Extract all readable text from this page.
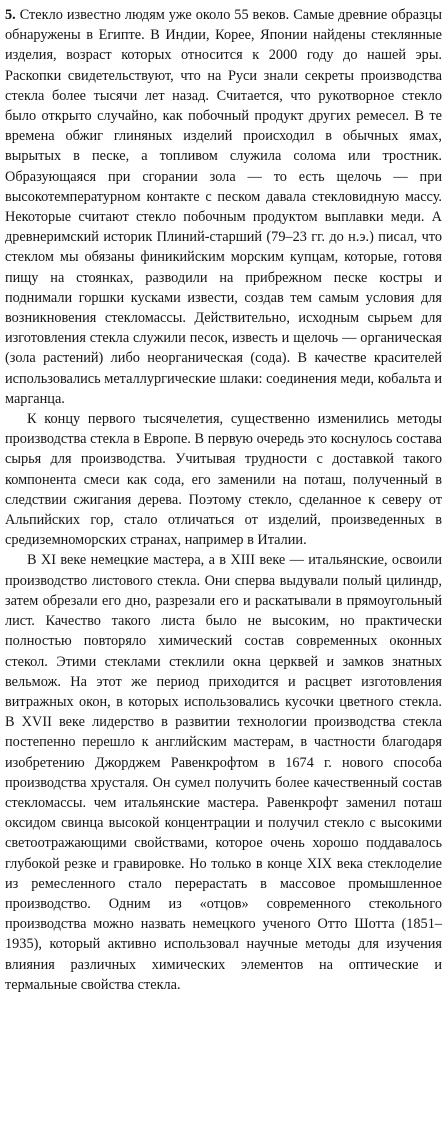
5. Стекло известно людям уже около 55 веков. Самые древние образцы обнаружены в Египте. В Индии, Корее, Японии найдены стеклянные изделия, возраст которых относится к 2000 году до нашей эры. Раскопки свидетельствуют, что на Руси знали секреты производства стекла более тысячи лет назад. Считается, что рукотворное стекло было открыто случайно, как побочный продукт других ремесел. В те времена обжиг глиняных изделий происходил в обычных ямах, вырытых в песке, а топливом служила солома или тростник. Образующаяся при сгорании зола — то есть щелочь — при высокотемпературном контакте с песком давала стекловидную массу. Некоторые считают стекло побочным продуктом выплавки меди. А древнеримский историк Плиний-старший (79–23 гг. до н.э.) писал, что стеклом мы обязаны финикийским морским купцам, которые, готовя пищу на стоянках, разводили на прибрежном песке костры и поднимали горшки кусками извести, создав тем самым условия для возникновения стекломассы. Действительно, исходным сырьем для изготовления стекла служили песок, известь и щелочь — органическая (зола растений) либо неорганическая (сода). В качестве красителей использовались металлургические шлаки: соединения меди, кобальта и марганца.

К концу первого тысячелетия, существенно изменились методы производства стекла в Европе. В первую очередь это коснулось состава сырья для производства. Учитывая трудности с доставкой такого компонента смеси как сода, его заменили на поташ, полученный в следствии сжигания дерева. Поэтому стекло, сделанное к северу от Альпийских гор, стало отличаться от изделий, произведенных в средиземноморских странах, например в Италии.

В XI веке немецкие мастера, а в XIII веке — итальянские, освоили производство листового стекла. Они сперва выдували полый цилиндр, затем обрезали его дно, разрезали его и раскатывали в прямоугольный лист. Качество такого листа было не высоким, но практически полностью повторяло химический состав современных оконных стекол. Этими стеклами стеклили окна церквей и замков знатных вельмож. На этот же период приходится и расцвет изготовления витражных окон, в которых использовались кусочки цветного стекла. В XVII веке лидерство в развитии технологии производства стекла постепенно перешло к английским мастерам, в частности благодаря изобретению Джорджем Равенкрофтом в 1674 г. нового способа производства хрусталя. Он сумел получить более качественный состав стекломассы. чем итальянские мастера. Равенкрофт заменил поташ оксидом свинца высокой концентрации и получил стекло с высокими светоотражающими свойствами, которое очень хорошо поддавалось глубокой резке и гравировке. Но только в конце XIX века стеклоделие из ремесленного стало перерастать в массовое промышленное производство. Одним из «отцов» современного стекольного производства можно назвать немецкого ученого Отто Шотта (1851–1935), который активно использовал научные методы для изучения влияния различных химических элементов на оптические и термальные свойства стекла.
